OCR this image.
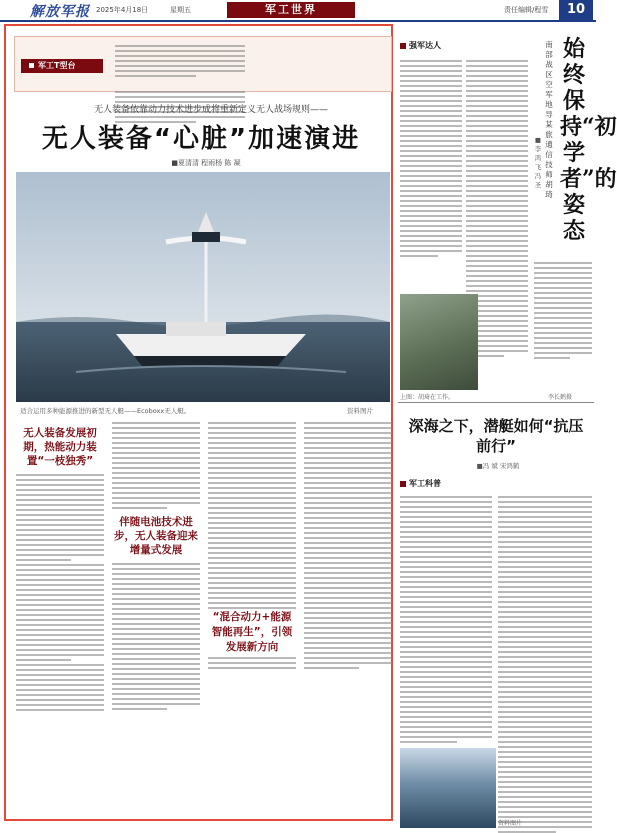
解放军报 2025年4月18日	星期五	军工世界	责任编辑/程雪	10
军工T型台
无人装备依靠动力技术进步成将重新定义无人战场规则——
无人装备“心脏”加速演进
■夏清清 程雨杨 陈 凝
适合运用多种能源推进的新型无人艇——Ecoboxx无人艇。	资料图片
无人装备发展初期，热能动力装置“一枝独秀”
伴随电池技术进步，无人装备迎来增量式发展
“混合动力+能源智能再生”，引领发展新方向
强军达人	始终保持“初学者”的姿态
南部战区空军地导某旅通信技师胡琦
■李鸿飞 冯 圣
上图：胡琦在工作。	李长鹤摄
深海之下，潜艇如何“抗压前行”
■冯 斌 宋鸿鹤
军工科普
资料图片
